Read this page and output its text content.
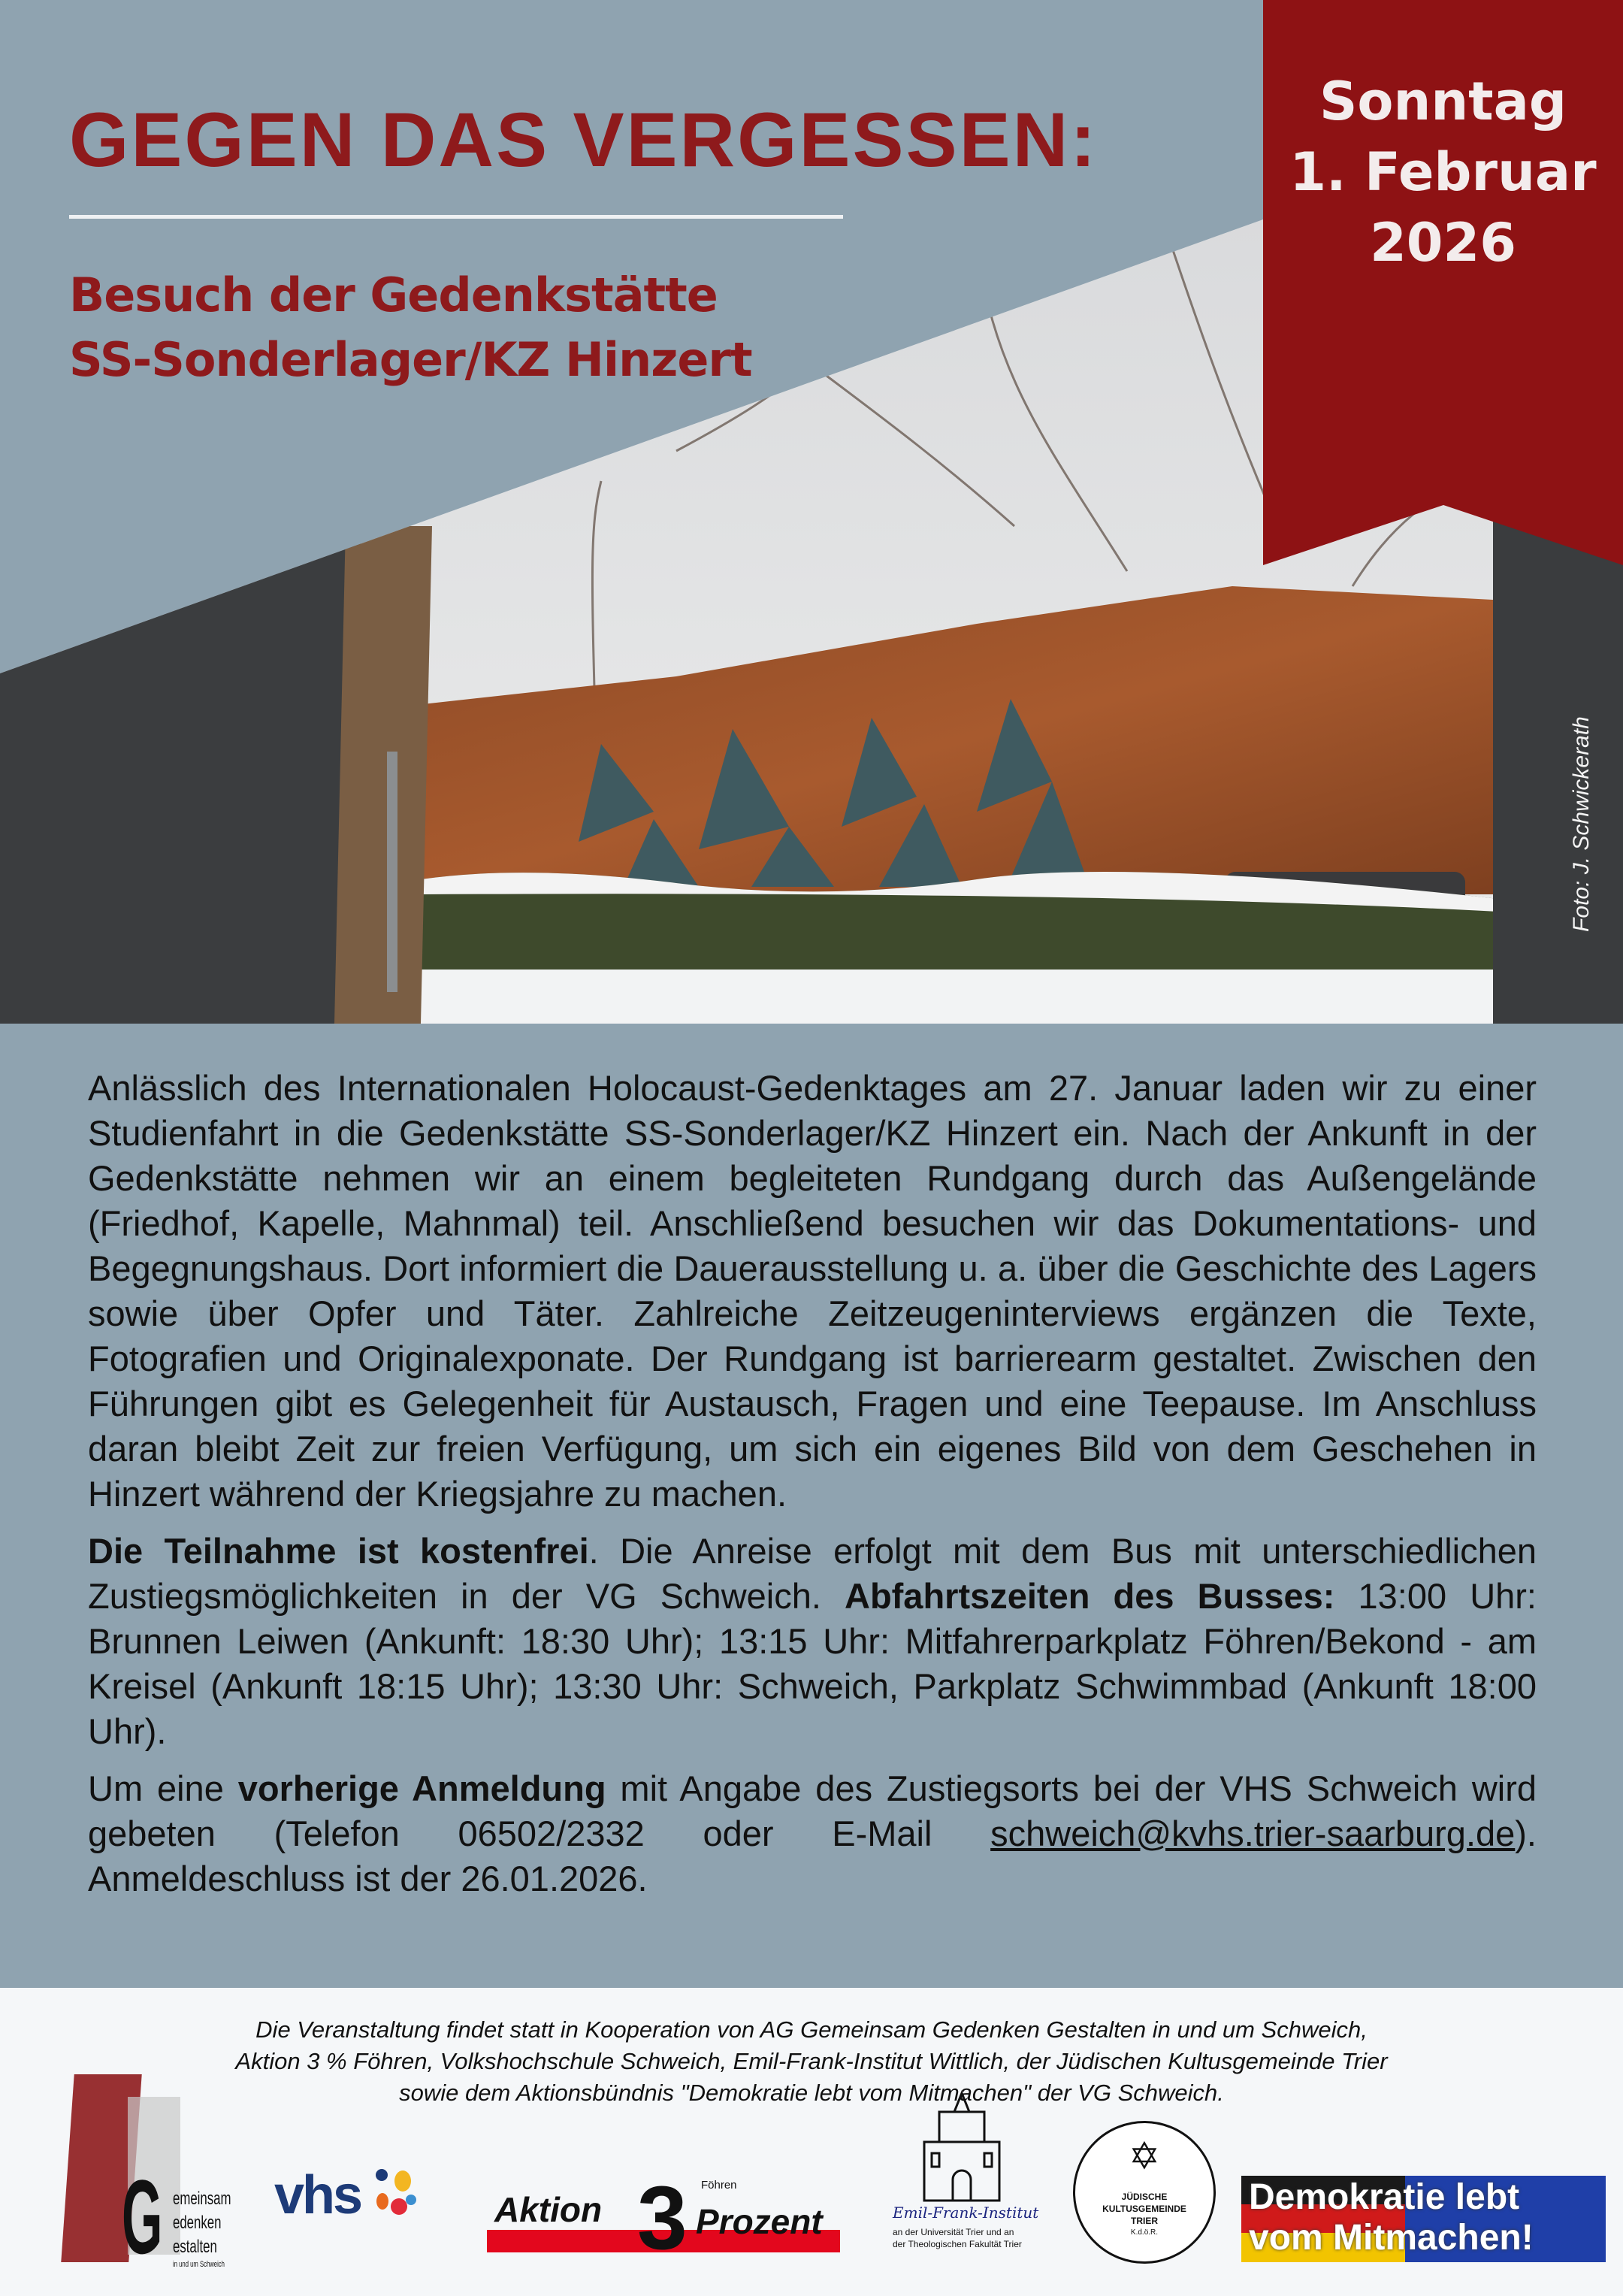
GEGEN DAS VERGESSEN:
Besuch der Gedenkstätte
SS-Sonderlager/KZ Hinzert
Sonntag
1. Februar
2026
Foto: J. Schwickerath

Anlässlich des Internationalen Holocaust-Gedenktages am 27. Januar laden wir zu einer Studienfahrt in die Gedenkstätte SS-Sonderlager/KZ Hinzert ein. Nach der Ankunft in der Gedenkstätte nehmen wir an einem begleiteten Rundgang durch das Außengelände (Friedhof, Kapelle, Mahnmal) teil. Anschließend besuchen wir das Dokumentations- und Begegnungshaus. Dort informiert die Dauerausstellung u. a. über die Geschichte des Lagers sowie über Opfer und Täter. Zahlreiche Zeitzeugeninterviews ergänzen die Texte, Fotografien und Originalexponate. Der Rundgang ist barrierearm gestaltet. Zwischen den Führungen gibt es Gelegenheit für Austausch, Fragen und eine Teepause. Im Anschluss daran bleibt Zeit zur freien Verfügung, um sich ein eigenes Bild von dem Geschehen in Hinzert während der Kriegsjahre zu machen.

Die Teilnahme ist kostenfrei. Die Anreise erfolgt mit dem Bus mit unterschiedlichen Zustiegsmöglichkeiten in der VG Schweich. Abfahrtszeiten des Busses: 13:00 Uhr: Brunnen Leiwen (Ankunft: 18:30 Uhr); 13:15 Uhr: Mitfahrerparkplatz Föhren/Bekond - am Kreisel (Ankunft 18:15 Uhr); 13:30 Uhr: Schweich, Parkplatz Schwimmbad (Ankunft 18:00 Uhr).

Um eine vorherige Anmeldung mit Angabe des Zustiegsorts bei der VHS Schweich wird gebeten (Telefon 06502/2332 oder E-Mail schweich@kvhs.trier-saarburg.de). Anmeldeschluss ist der 26.01.2026.

Die Veranstaltung findet statt in Kooperation von AG Gemeinsam Gedenken Gestalten in und um Schweich,
Aktion 3 % Föhren, Volkshochschule Schweich, Emil-Frank-Institut Wittlich, der Jüdischen Kultusgemeinde Trier
sowie dem Aktionsbündnis "Demokratie lebt vom Mitmachen" der VG Schweich.
G emeinsam
edenken
estalten
in und um Schweich
vhs	Aktion 3 Föhren
Prozent	Emil-Frank-Institut
an der Universität Trier und an
der Theologischen Fakultät Trier
✡
JÜDISCHE
KULTUSGEMEINDE
TRIER
K.d.ö.R.
Demokratie lebt
vom Mitmachen!
